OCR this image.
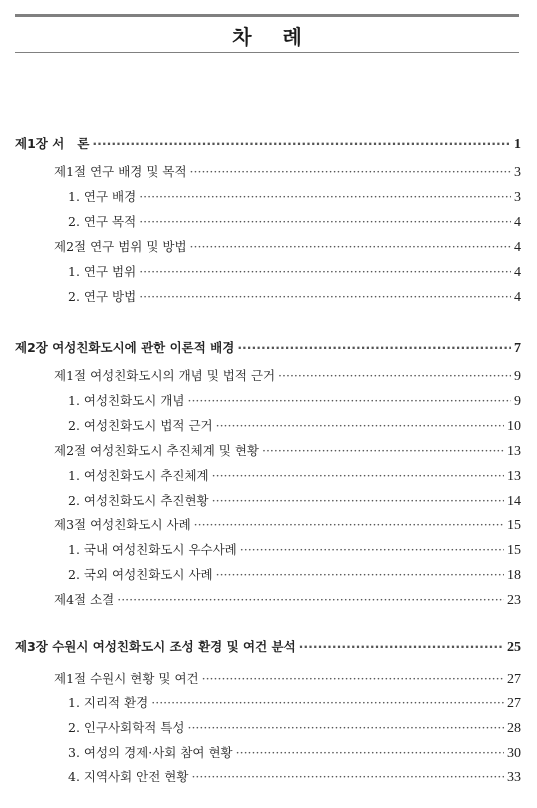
차 례
제1장 서   론 ·····	1
제1절 연구 배경 및 목적 ·····	3
1. 연구 배경 ·····	3
2. 연구 목적 ·····	4
제2절 연구 범위 및 방법 ·····	4
1. 연구 범위 ·····	4
2. 연구 방법 ·····	4
제2장 여성친화도시에 관한 이론적 배경 ·····	7
제1절 여성친화도시의 개념 및 법적 근거 ·····	9
1. 여성친화도시 개념 ·····	9
2. 여성친화도시 법적 근거 ·····	10
제2절 여성친화도시 추진체계 및 현황 ·····	13
1. 여성친화도시 추진체계 ·····	13
2. 여성친화도시 추진현황 ·····	14
제3절 여성친화도시 사례 ·····	15
1. 국내 여성친화도시 우수사례 ·····	15
2. 국외 여성친화도시 사례 ·····	18
제4절 소결 ·····	23
제3장 수원시 여성친화도시 조성 환경 및 여건 분석 ·····	25
제1절 수원시 현황 및 여건 ·····	27
1. 지리적 환경 ·····	27
2. 인구사회학적 특성 ·····	28
3. 여성의 경제·사회 참여 현황 ·····	30
4. 지역사회 안전 현황 ·····	33
